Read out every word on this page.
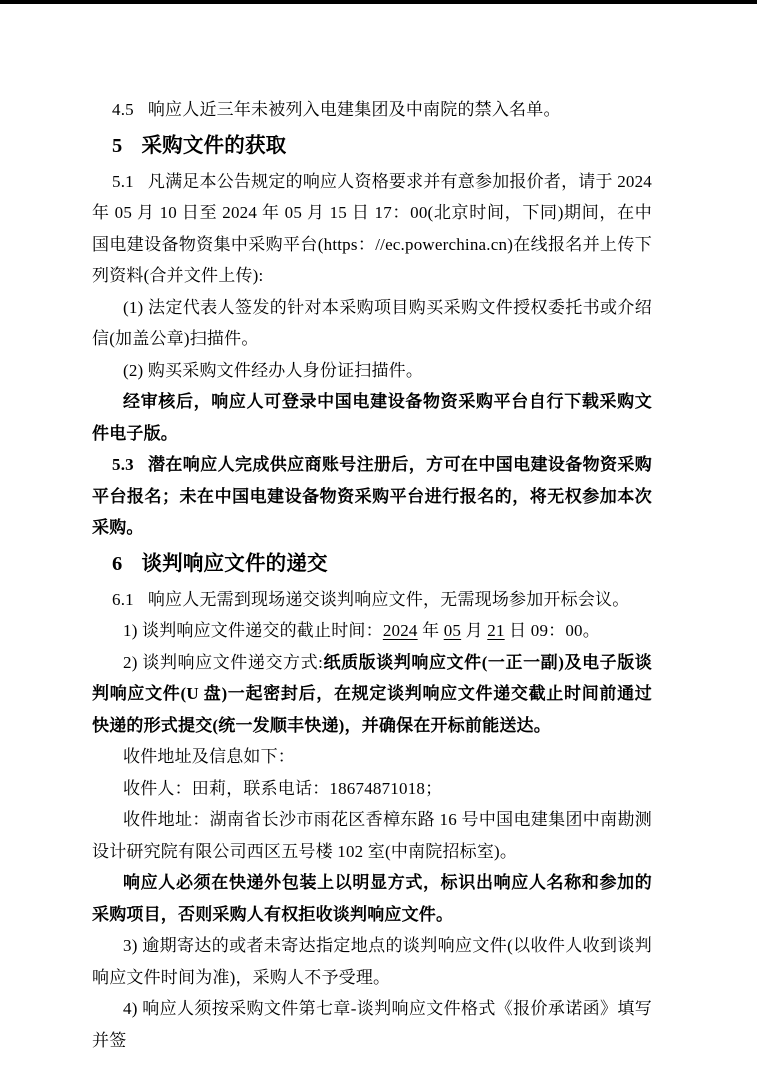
4.5 响应人近三年未被列入电建集团及中南院的禁入名单。

5 采购文件的获取

5.1 凡满足本公告规定的响应人资格要求并有意参加报价者，请于 2024 年 05 月 10 日至 2024 年 05 月 15 日 17：00(北京时间，下同)期间，在中国电建设备物资集中采购平台(https：//ec.powerchina.cn)在线报名并上传下列资料(合并文件上传):

(1) 法定代表人签发的针对本采购项目购买采购文件授权委托书或介绍信(加盖公章)扫描件。

(2) 购买采购文件经办人身份证扫描件。

经审核后，响应人可登录中国电建设备物资采购平台自行下载采购文件电子版。

5.3 潜在响应人完成供应商账号注册后，方可在中国电建设备物资采购平台报名；未在中国电建设备物资采购平台进行报名的，将无权参加本次采购。

6 谈判响应文件的递交

6.1 响应人无需到现场递交谈判响应文件，无需现场参加开标会议。

1) 谈判响应文件递交的截止时间：2024 年 05 月 21 日 09：00。

2) 谈判响应文件递交方式:纸质版谈判响应文件(一正一副)及电子版谈判响应文件(U 盘)一起密封后，在规定谈判响应文件递交截止时间前通过快递的形式提交(统一发顺丰快递)，并确保在开标前能送达。

收件地址及信息如下：

收件人：田莉，联系电话：18674871018；

收件地址：湖南省长沙市雨花区香樟东路 16 号中国电建集团中南勘测设计研究院有限公司西区五号楼 102 室(中南院招标室)。

响应人必须在快递外包装上以明显方式，标识出响应人名称和参加的采购项目，否则采购人有权拒收谈判响应文件。

3) 逾期寄达的或者未寄达指定地点的谈判响应文件(以收件人收到谈判响应文件时间为准)，采购人不予受理。

4) 响应人须按采购文件第七章-谈判响应文件格式《报价承诺函》填写并签
